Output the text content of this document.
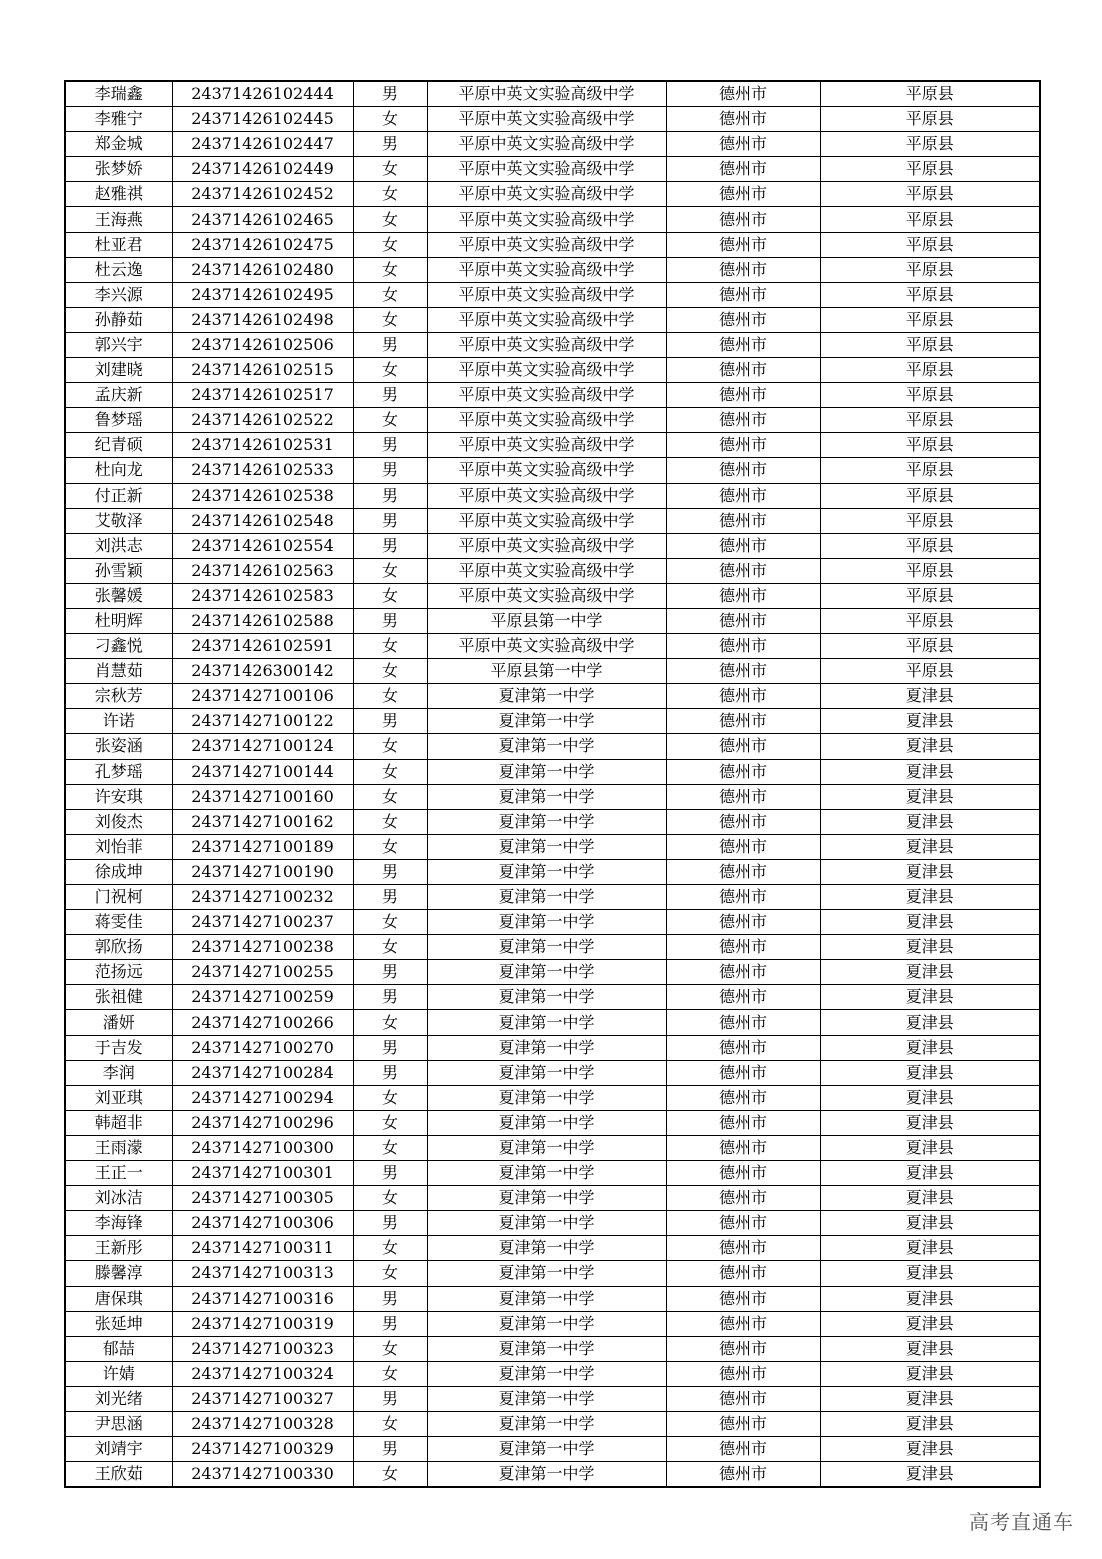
李瑞鑫	24371426102444	男	平原中英文实验高级中学	德州市	平原县
李雅宁	24371426102445	女	平原中英文实验高级中学	德州市	平原县
郑金城	24371426102447	男	平原中英文实验高级中学	德州市	平原县
张梦娇	24371426102449	女	平原中英文实验高级中学	德州市	平原县
赵雅祺	24371426102452	女	平原中英文实验高级中学	德州市	平原县
王海燕	24371426102465	女	平原中英文实验高级中学	德州市	平原县
杜亚君	24371426102475	女	平原中英文实验高级中学	德州市	平原县
杜云逸	24371426102480	女	平原中英文实验高级中学	德州市	平原县
李兴源	24371426102495	女	平原中英文实验高级中学	德州市	平原县
孙静茹	24371426102498	女	平原中英文实验高级中学	德州市	平原县
郭兴宇	24371426102506	男	平原中英文实验高级中学	德州市	平原县
刘建晓	24371426102515	女	平原中英文实验高级中学	德州市	平原县
孟庆新	24371426102517	男	平原中英文实验高级中学	德州市	平原县
鲁梦瑶	24371426102522	女	平原中英文实验高级中学	德州市	平原县
纪青硕	24371426102531	男	平原中英文实验高级中学	德州市	平原县
杜向龙	24371426102533	男	平原中英文实验高级中学	德州市	平原县
付正新	24371426102538	男	平原中英文实验高级中学	德州市	平原县
艾敬泽	24371426102548	男	平原中英文实验高级中学	德州市	平原县
刘洪志	24371426102554	男	平原中英文实验高级中学	德州市	平原县
孙雪颖	24371426102563	女	平原中英文实验高级中学	德州市	平原县
张馨媛	24371426102583	女	平原中英文实验高级中学	德州市	平原县
杜明辉	24371426102588	男	平原县第一中学	德州市	平原县
刁鑫悦	24371426102591	女	平原中英文实验高级中学	德州市	平原县
肖慧茹	24371426300142	女	平原县第一中学	德州市	平原县
宗秋芳	24371427100106	女	夏津第一中学	德州市	夏津县
许诺	24371427100122	男	夏津第一中学	德州市	夏津县
张姿涵	24371427100124	女	夏津第一中学	德州市	夏津县
孔梦瑶	24371427100144	女	夏津第一中学	德州市	夏津县
许安琪	24371427100160	女	夏津第一中学	德州市	夏津县
刘俊杰	24371427100162	女	夏津第一中学	德州市	夏津县
刘怡菲	24371427100189	女	夏津第一中学	德州市	夏津县
徐成坤	24371427100190	男	夏津第一中学	德州市	夏津县
门祝柯	24371427100232	男	夏津第一中学	德州市	夏津县
蒋雯佳	24371427100237	女	夏津第一中学	德州市	夏津县
郭欣扬	24371427100238	女	夏津第一中学	德州市	夏津县
范扬远	24371427100255	男	夏津第一中学	德州市	夏津县
张祖健	24371427100259	男	夏津第一中学	德州市	夏津县
潘妍	24371427100266	女	夏津第一中学	德州市	夏津县
于吉发	24371427100270	男	夏津第一中学	德州市	夏津县
李润	24371427100284	男	夏津第一中学	德州市	夏津县
刘亚琪	24371427100294	女	夏津第一中学	德州市	夏津县
韩超非	24371427100296	女	夏津第一中学	德州市	夏津县
王雨濛	24371427100300	女	夏津第一中学	德州市	夏津县
王正一	24371427100301	男	夏津第一中学	德州市	夏津县
刘冰洁	24371427100305	女	夏津第一中学	德州市	夏津县
李海锋	24371427100306	男	夏津第一中学	德州市	夏津县
王新彤	24371427100311	女	夏津第一中学	德州市	夏津县
滕馨淳	24371427100313	女	夏津第一中学	德州市	夏津县
唐保琪	24371427100316	男	夏津第一中学	德州市	夏津县
张延坤	24371427100319	男	夏津第一中学	德州市	夏津县
郁喆	24371427100323	女	夏津第一中学	德州市	夏津县
许婧	24371427100324	女	夏津第一中学	德州市	夏津县
刘光绪	24371427100327	男	夏津第一中学	德州市	夏津县
尹思涵	24371427100328	女	夏津第一中学	德州市	夏津县
刘靖宇	24371427100329	男	夏津第一中学	德州市	夏津县
王欣茹	24371427100330	女	夏津第一中学	德州市	夏津县
高考直通车
